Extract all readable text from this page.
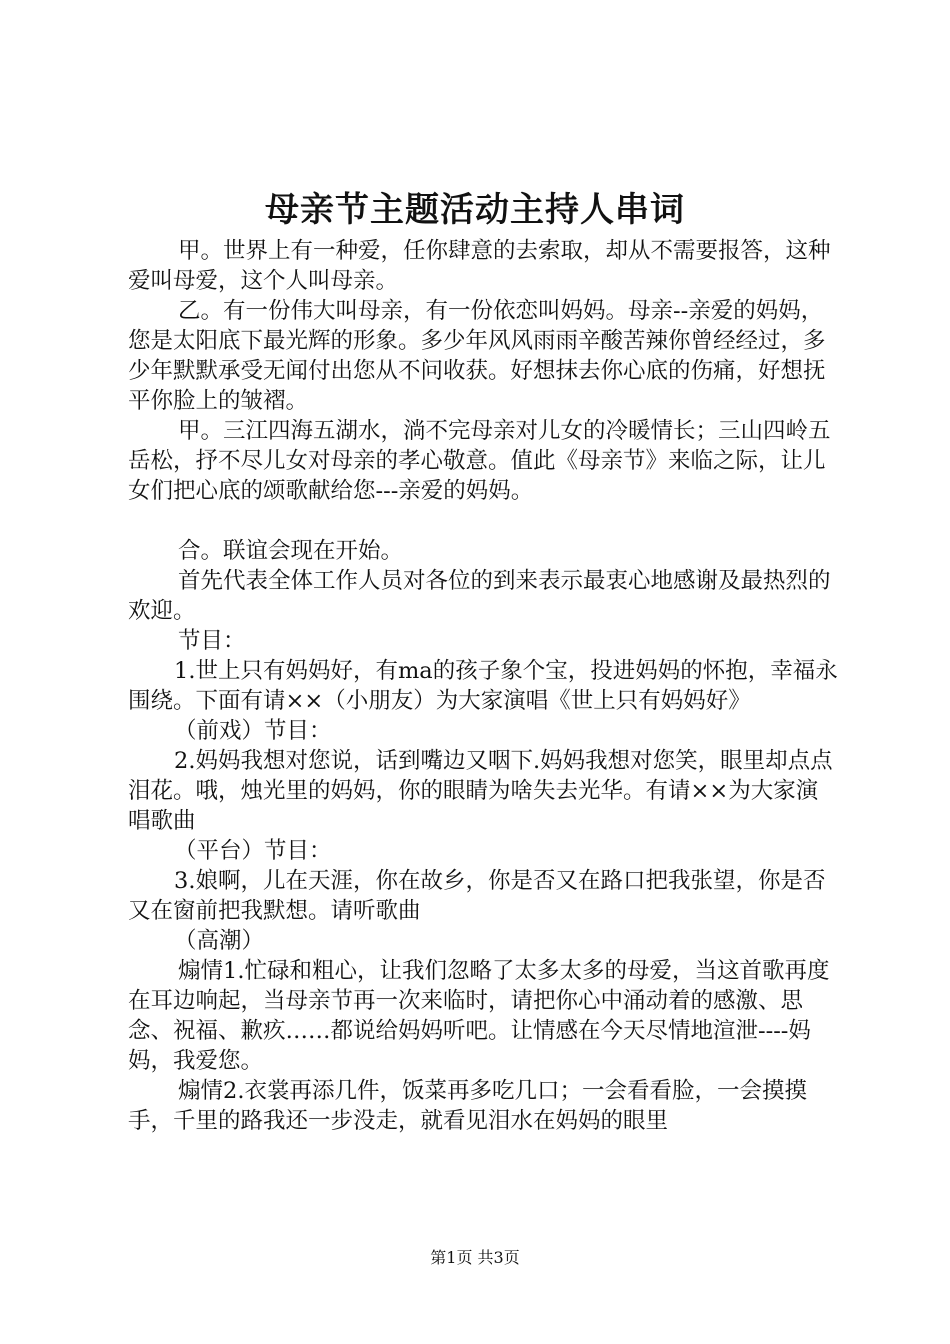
母亲节主题活动主持人串词

甲。世界上有一种爱，任你肆意的去索取，却从不需要报答，这种爱叫母爱，这个人叫母亲。

乙。有一份伟大叫母亲，有一份依恋叫妈妈。母亲--亲爱的妈妈，您是太阳底下最光辉的形象。多少年风风雨雨辛酸苦辣你曾经经过，多少年默默承受无闻付出您从不问收获。好想抹去你心底的伤痛，好想抚平你脸上的皱褶。

甲。三江四海五湖水，淌不完母亲对儿女的冷暖情长；三山四岭五岳松，抒不尽儿女对母亲的孝心敬意。值此《母亲节》来临之际，让儿女们把心底的颂歌献给您---亲爱的妈妈。

合。联谊会现在开始。

首先代表全体工作人员对各位的到来表示最衷心地感谢及最热烈的欢迎。

节目：

1.世上只有妈妈好，有ma的孩子象个宝，投进妈妈的怀抱，幸福永围绕。下面有请××（小朋友）为大家演唱《世上只有妈妈好》

（前戏）节目：

2.妈妈我想对您说，话到嘴边又咽下.妈妈我想对您笑，眼里却点点泪花。哦，烛光里的妈妈，你的眼睛为啥失去光华。有请××为大家演唱歌曲

（平台）节目：

3.娘啊，儿在天涯，你在故乡，你是否又在路口把我张望，你是否又在窗前把我默想。请听歌曲

（高潮）

煽情1.忙碌和粗心，让我们忽略了太多太多的母爱，当这首歌再度在耳边响起，当母亲节再一次来临时，请把你心中涌动着的感激、思念、祝福、歉疚……都说给妈妈听吧。让情感在今天尽情地渲泄----妈妈，我爱您。

煽情2.衣裳再添几件，饭菜再多吃几口；一会看看脸，一会摸摸手，千里的路我还一步没走，就看见泪水在妈妈的眼里

第1页 共3页
